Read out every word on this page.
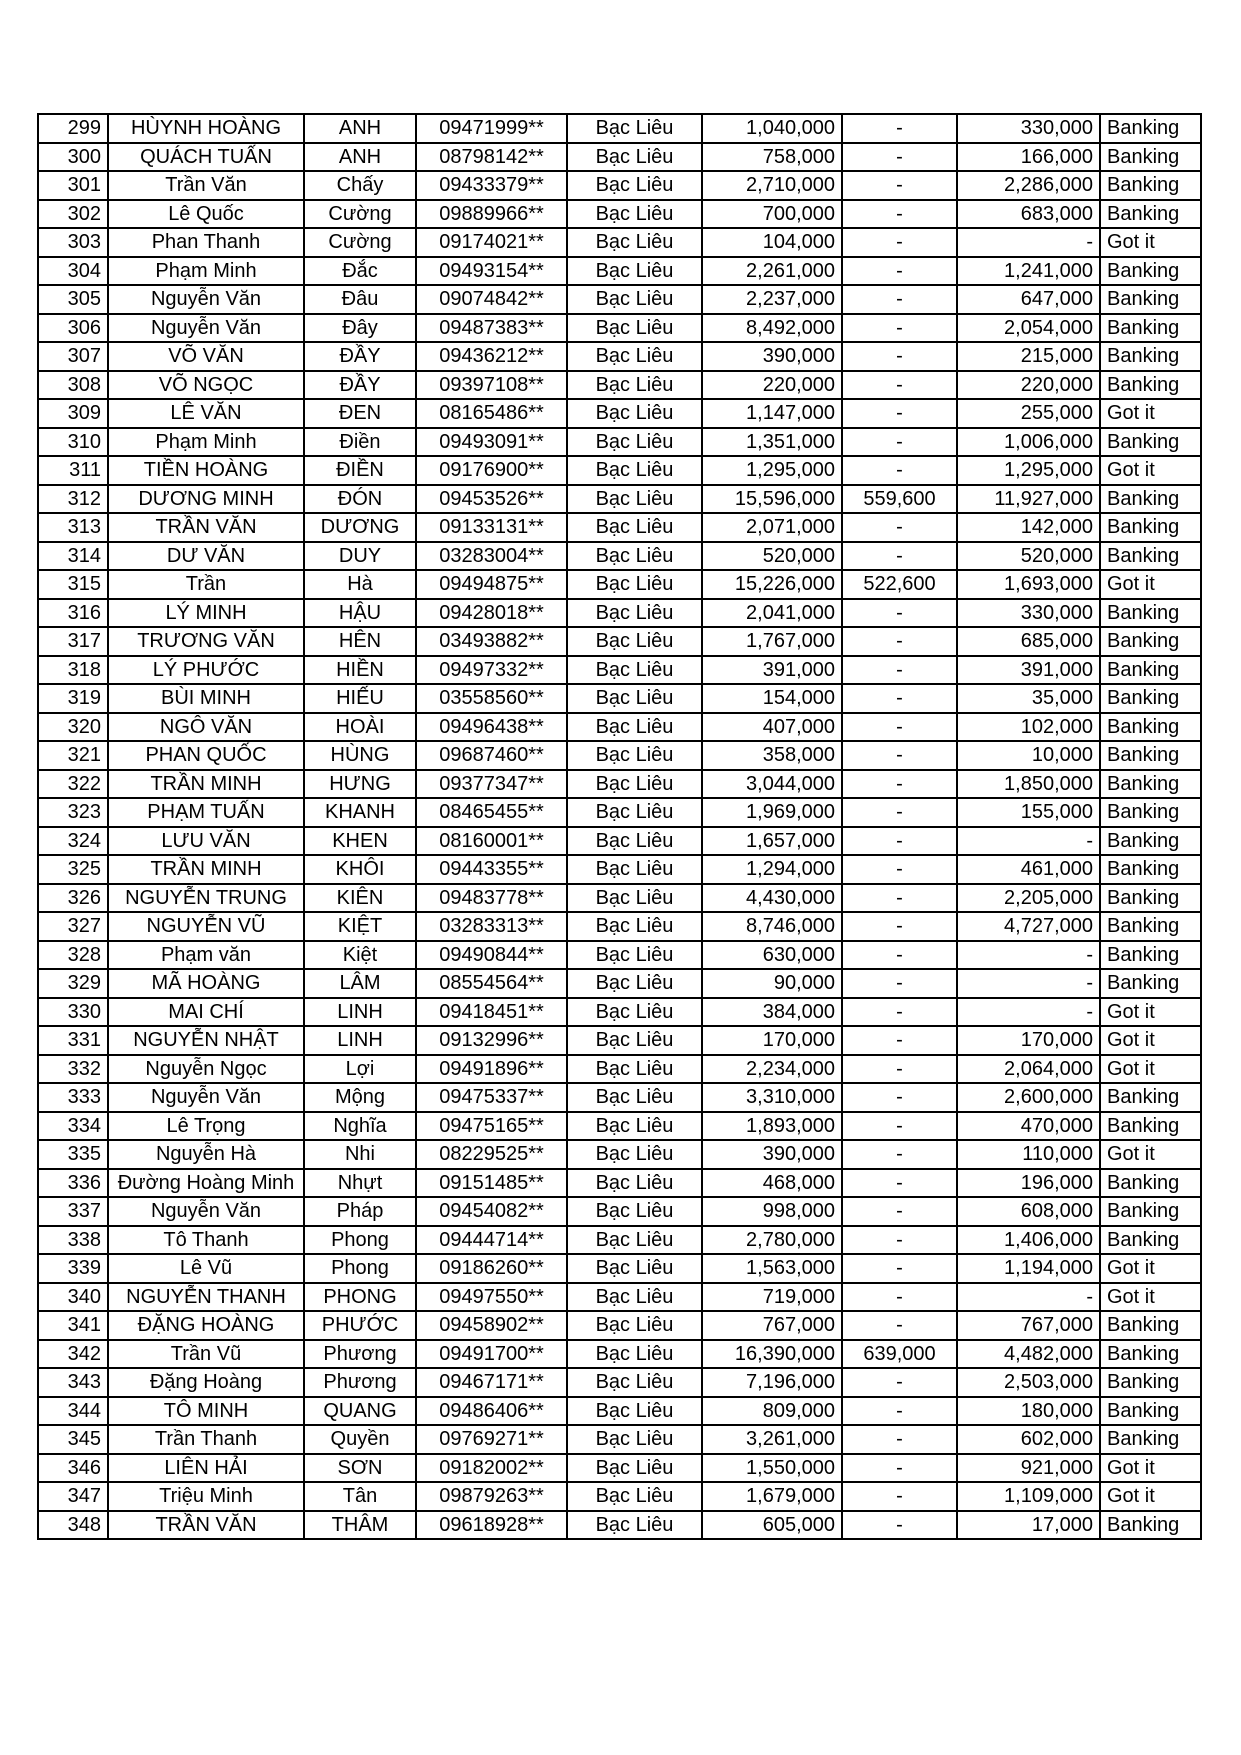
299	HÙYNH HOÀNG	ANH	09471999**	Bạc Liêu	1,040,000	-	330,000	Banking
300	QUÁCH TUẤN	ANH	08798142**	Bạc Liêu	758,000	-	166,000	Banking
301	Trần Văn	Chấy	09433379**	Bạc Liêu	2,710,000	-	2,286,000	Banking
302	Lê Quốc	Cường	09889966**	Bạc Liêu	700,000	-	683,000	Banking
303	Phan Thanh	Cường	09174021**	Bạc Liêu	104,000	-	-	Got it
304	Phạm Minh	Đắc	09493154**	Bạc Liêu	2,261,000	-	1,241,000	Banking
305	Nguyễn Văn	Đâu	09074842**	Bạc Liêu	2,237,000	-	647,000	Banking
306	Nguyễn Văn	Đây	09487383**	Bạc Liêu	8,492,000	-	2,054,000	Banking
307	VÕ VĂN	ĐẦY	09436212**	Bạc Liêu	390,000	-	215,000	Banking
308	VÕ NGỌC	ĐẦY	09397108**	Bạc Liêu	220,000	-	220,000	Banking
309	LÊ VĂN	ĐEN	08165486**	Bạc Liêu	1,147,000	-	255,000	Got it
310	Phạm Minh	Điền	09493091**	Bạc Liêu	1,351,000	-	1,006,000	Banking
311	TIỀN HOÀNG	ĐIỀN	09176900**	Bạc Liêu	1,295,000	-	1,295,000	Got it
312	DƯƠNG MINH	ĐÓN	09453526**	Bạc Liêu	15,596,000	559,600	11,927,000	Banking
313	TRẦN VĂN	DƯƠNG	09133131**	Bạc Liêu	2,071,000	-	142,000	Banking
314	DƯ VĂN	DUY	03283004**	Bạc Liêu	520,000	-	520,000	Banking
315	Trần	Hà	09494875**	Bạc Liêu	15,226,000	522,600	1,693,000	Got it
316	LÝ MINH	HẬU	09428018**	Bạc Liêu	2,041,000	-	330,000	Banking
317	TRƯƠNG VĂN	HÊN	03493882**	Bạc Liêu	1,767,000	-	685,000	Banking
318	LÝ PHƯỚC	HIỀN	09497332**	Bạc Liêu	391,000	-	391,000	Banking
319	BÙI MINH	HIẾU	03558560**	Bạc Liêu	154,000	-	35,000	Banking
320	NGÔ VĂN	HOÀI	09496438**	Bạc Liêu	407,000	-	102,000	Banking
321	PHAN QUỐC	HÙNG	09687460**	Bạc Liêu	358,000	-	10,000	Banking
322	TRẦN MINH	HƯNG	09377347**	Bạc Liêu	3,044,000	-	1,850,000	Banking
323	PHẠM TUẤN	KHANH	08465455**	Bạc Liêu	1,969,000	-	155,000	Banking
324	LƯU VĂN	KHEN	08160001**	Bạc Liêu	1,657,000	-	-	Banking
325	TRẦN MINH	KHÔI	09443355**	Bạc Liêu	1,294,000	-	461,000	Banking
326	NGUYỄN TRUNG	KIÊN	09483778**	Bạc Liêu	4,430,000	-	2,205,000	Banking
327	NGUYỄN VŨ	KIỆT	03283313**	Bạc Liêu	8,746,000	-	4,727,000	Banking
328	Phạm văn	Kiệt	09490844**	Bạc Liêu	630,000	-	-	Banking
329	MÃ HOÀNG	LÂM	08554564**	Bạc Liêu	90,000	-	-	Banking
330	MAI CHÍ	LINH	09418451**	Bạc Liêu	384,000	-	-	Got it
331	NGUYỄN NHẬT	LINH	09132996**	Bạc Liêu	170,000	-	170,000	Got it
332	Nguyễn Ngọc	Lợi	09491896**	Bạc Liêu	2,234,000	-	2,064,000	Got it
333	Nguyễn Văn	Mộng	09475337**	Bạc Liêu	3,310,000	-	2,600,000	Banking
334	Lê Trọng	Nghĩa	09475165**	Bạc Liêu	1,893,000	-	470,000	Banking
335	Nguyễn Hà	Nhi	08229525**	Bạc Liêu	390,000	-	110,000	Got it
336	Đường Hoàng Minh	Nhựt	09151485**	Bạc Liêu	468,000	-	196,000	Banking
337	Nguyễn Văn	Pháp	09454082**	Bạc Liêu	998,000	-	608,000	Banking
338	Tô Thanh	Phong	09444714**	Bạc Liêu	2,780,000	-	1,406,000	Banking
339	Lê Vũ	Phong	09186260**	Bạc Liêu	1,563,000	-	1,194,000	Got it
340	NGUYỄN THANH	PHONG	09497550**	Bạc Liêu	719,000	-	-	Got it
341	ĐẶNG HOÀNG	PHƯỚC	09458902**	Bạc Liêu	767,000	-	767,000	Banking
342	Trần Vũ	Phương	09491700**	Bạc Liêu	16,390,000	639,000	4,482,000	Banking
343	Đặng Hoàng	Phương	09467171**	Bạc Liêu	7,196,000	-	2,503,000	Banking
344	TÔ MINH	QUANG	09486406**	Bạc Liêu	809,000	-	180,000	Banking
345	Trần Thanh	Quyền	09769271**	Bạc Liêu	3,261,000	-	602,000	Banking
346	LIÊN HẢI	SƠN	09182002**	Bạc Liêu	1,550,000	-	921,000	Got it
347	Triệu Minh	Tân	09879263**	Bạc Liêu	1,679,000	-	1,109,000	Got it
348	TRẦN VĂN	THÂM	09618928**	Bạc Liêu	605,000	-	17,000	Banking
